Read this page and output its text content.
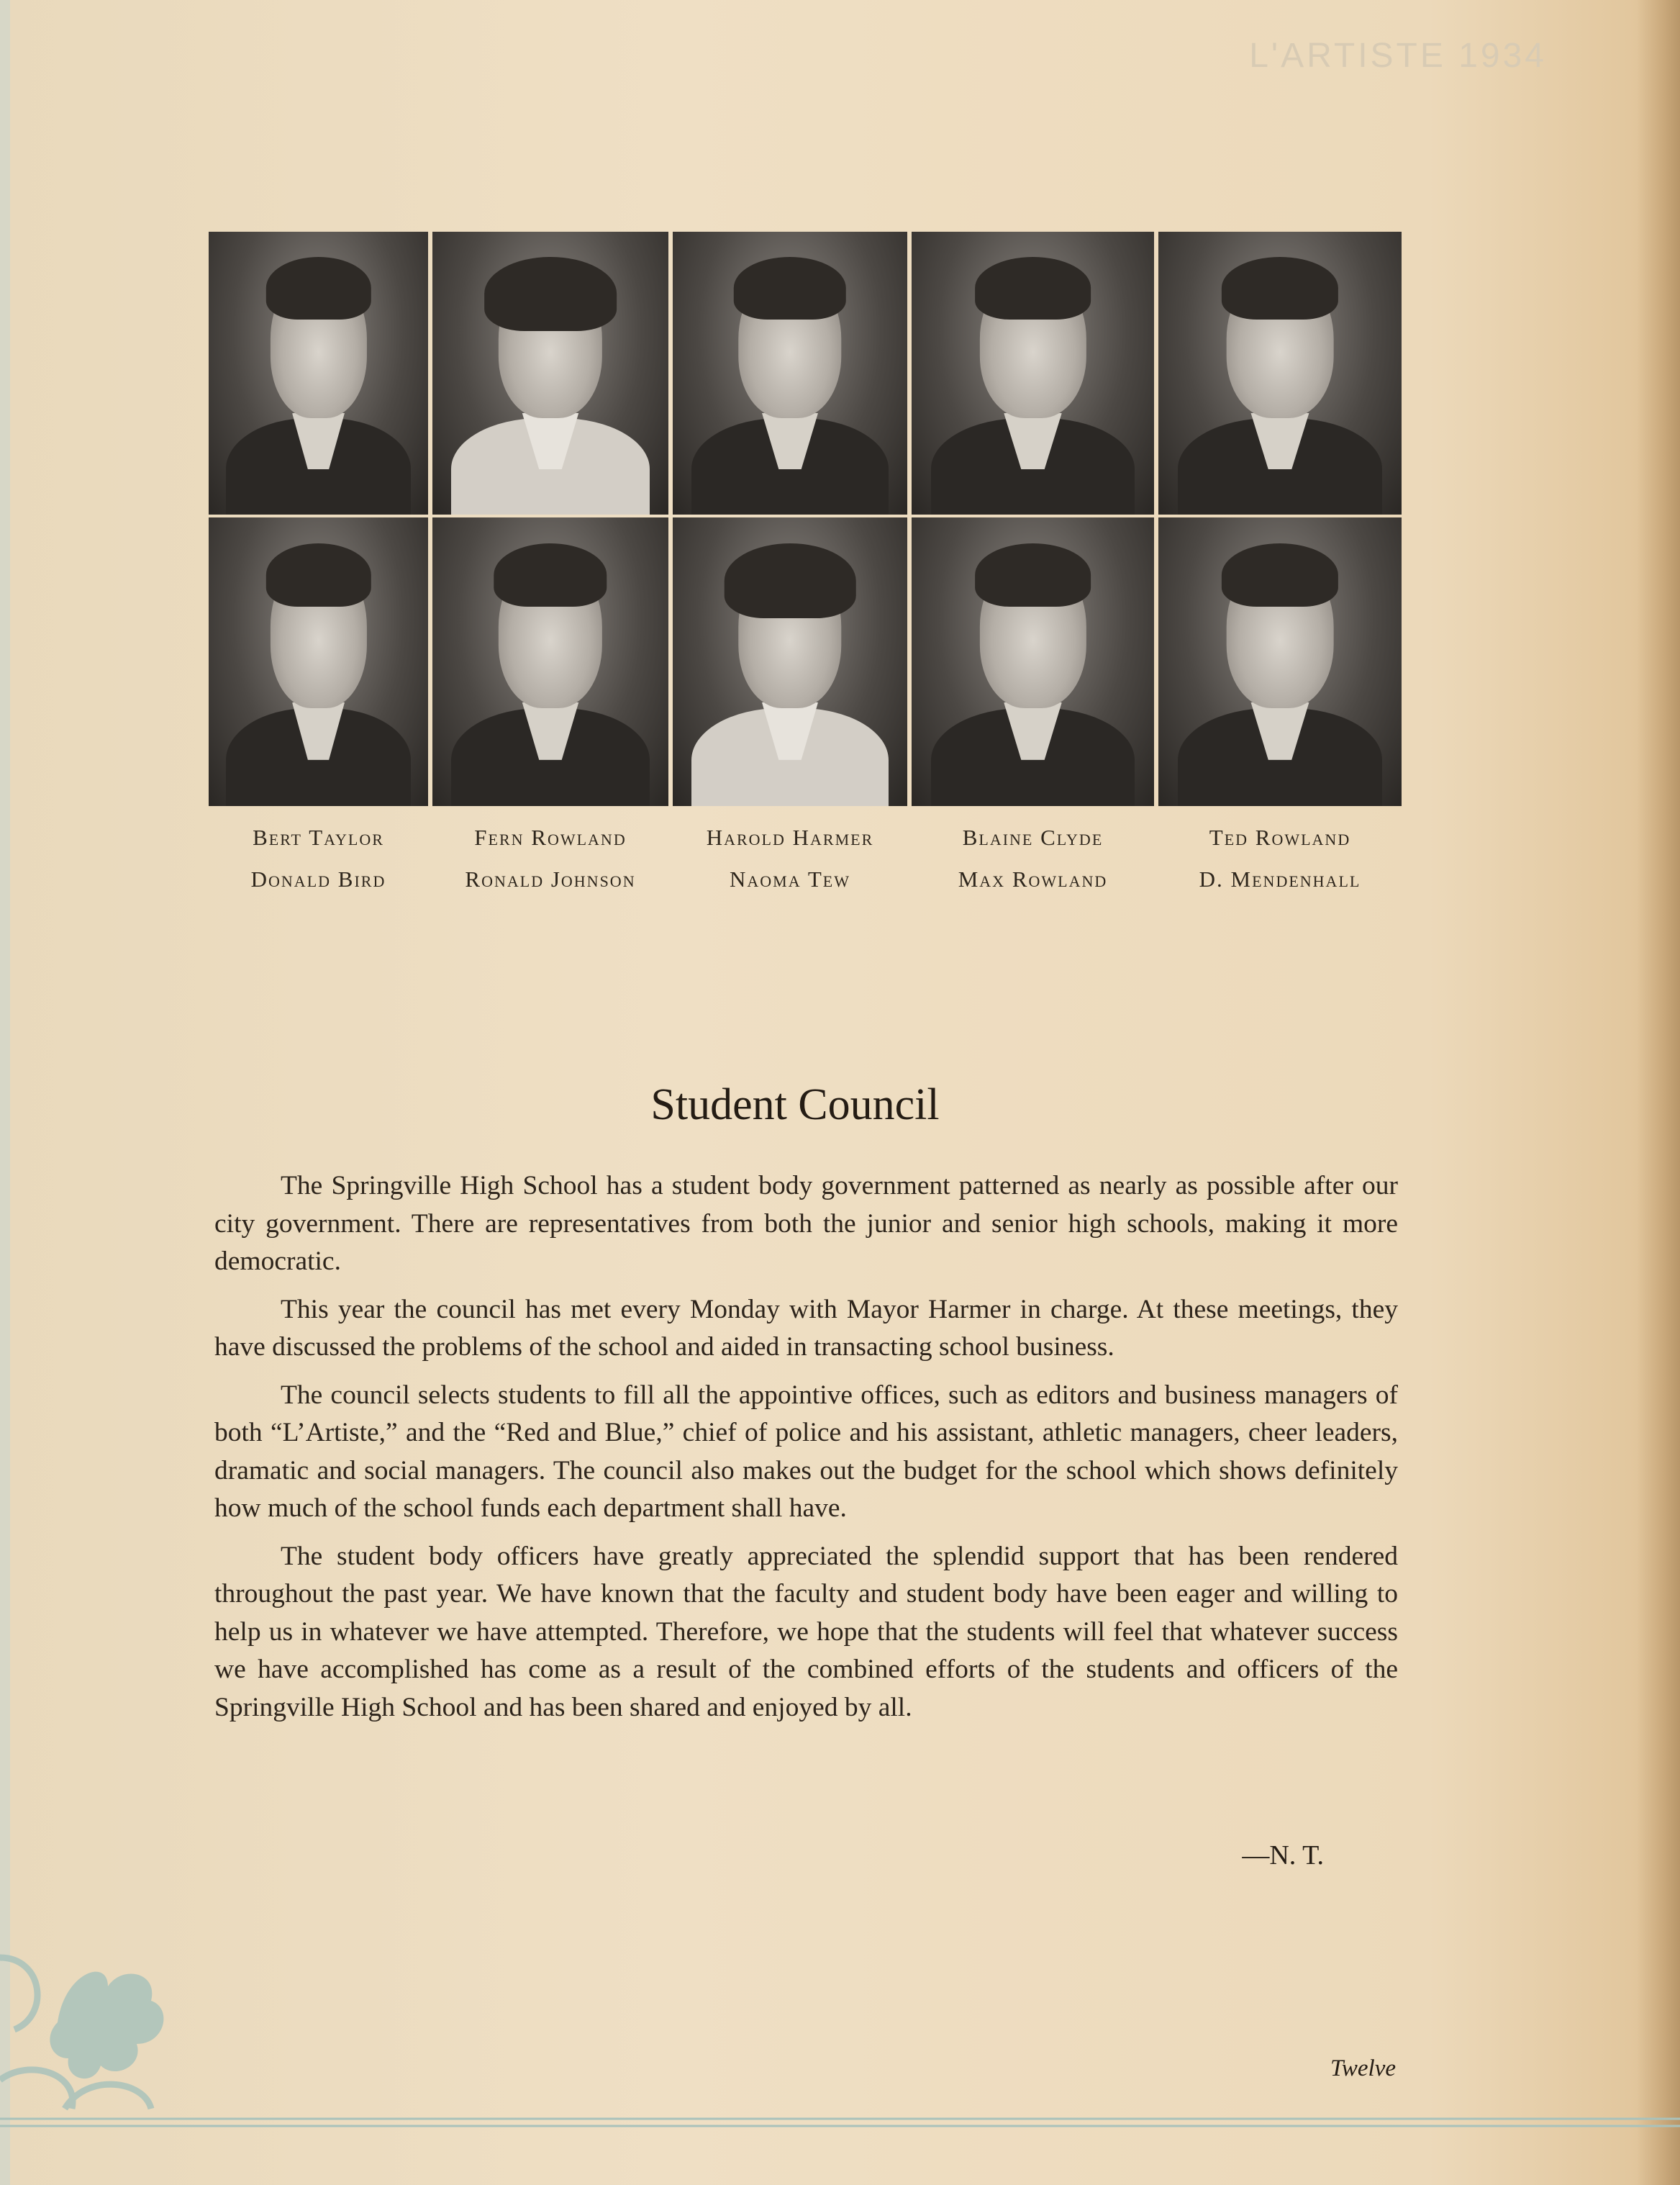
L'ARTISTE 1934
Bert Taylor	Fern Rowland	Harold Harmer	Blaine Clyde	Ted Rowland
Donald Bird	Ronald Johnson	Naoma Tew	Max Rowland	D. Mendenhall
Student Council

The Springville High School has a student body government patterned as nearly as possible after our city government. There are representatives from both the junior and senior high schools, making it more democratic.

This year the council has met every Monday with Mayor Harmer in charge. At these meetings, they have discussed the problems of the school and aided in transacting school business.

The council selects students to fill all the appointive offices, such as editors and business managers of both “L’Artiste,” and the “Red and Blue,” chief of police and his assistant, athletic managers, cheer leaders, dramatic and social managers. The council also makes out the budget for the school which shows definitely how much of the school funds each department shall have.

The student body officers have greatly appreciated the splendid support that has been rendered throughout the past year. We have known that the faculty and student body have been eager and willing to help us in whatever we have attempted. Therefore, we hope that the students will feel that whatever success we have accomplished has come as a result of the combined efforts of the students and officers of the Springville High School and has been shared and enjoyed by all.

—N. T.
Twelve
